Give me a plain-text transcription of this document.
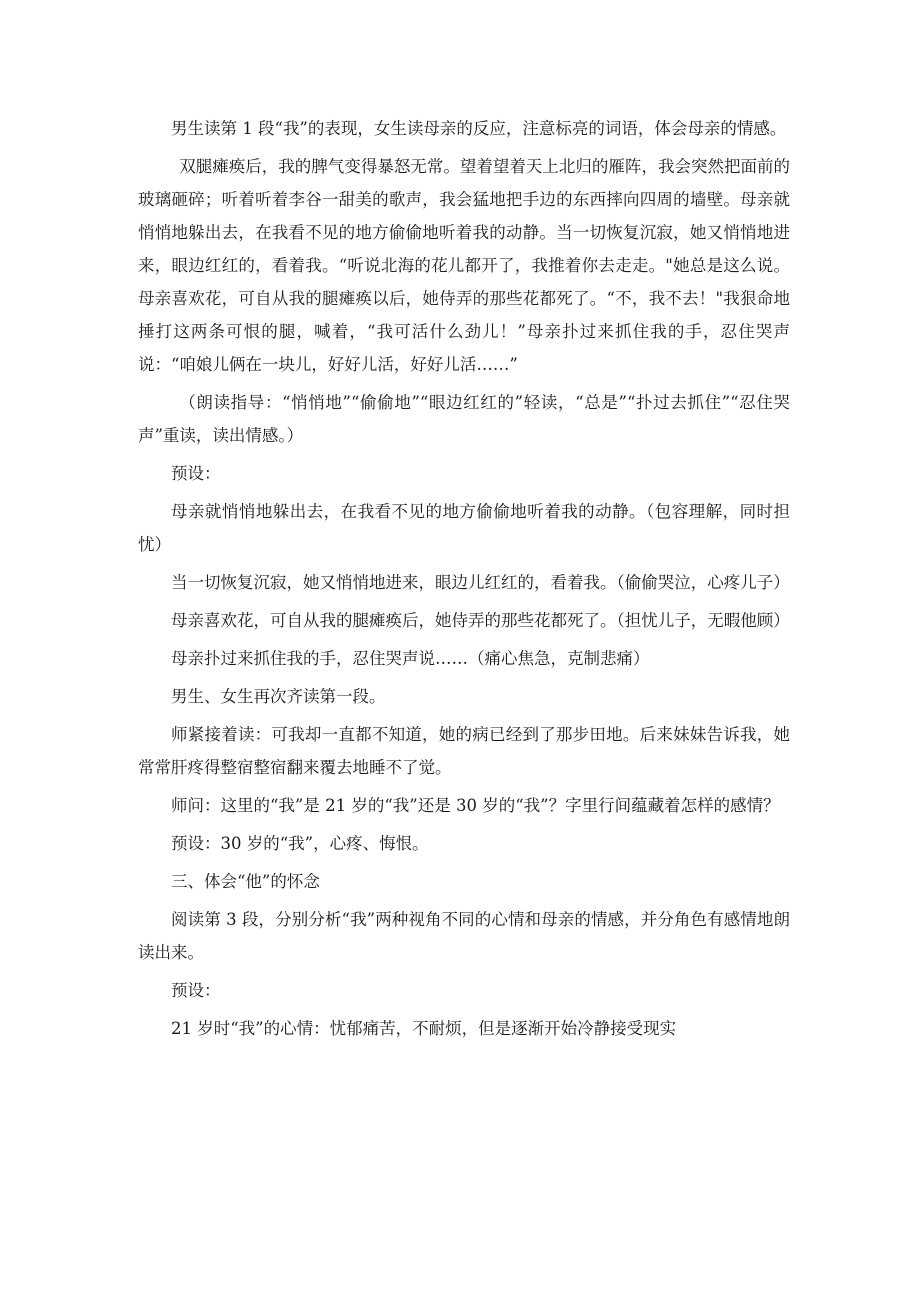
男生读第 1 段“我”的表现，女生读母亲的反应，注意标亮的词语，体会母亲的情感。

双腿瘫痪后，我的脾气变得暴怒无常。望着望着天上北归的雁阵，我会突然把面前的玻璃砸碎；听着听着李谷一甜美的歌声，我会猛地把手边的东西摔向四周的墙壁。母亲就悄悄地躲出去，在我看不见的地方偷偷地听着我的动静。当一切恢复沉寂，她又悄悄地进来，眼边红红的，看着我。“听说北海的花儿都开了，我推着你去走走。"她总是这么说。母亲喜欢花，可自从我的腿瘫痪以后，她侍弄的那些花都死了。“不，我不去！"我狠命地捶打这两条可恨的腿，喊着，“我可活什么劲儿！”母亲扑过来抓住我的手，忍住哭声说：“咱娘儿俩在一块儿，好好儿活，好好儿活……”

（朗读指导：“悄悄地”“偷偷地”“眼边红红的”轻读，“总是”“扑过去抓住”“忍住哭声”重读，读出情感。）

预设：

母亲就悄悄地躲出去，在我看不见的地方偷偷地听着我的动静。（包容理解，同时担忧）

当一切恢复沉寂，她又悄悄地进来，眼边儿红红的，看着我。（偷偷哭泣，心疼儿子）

母亲喜欢花，可自从我的腿瘫痪后，她侍弄的那些花都死了。（担忧儿子，无暇他顾）

母亲扑过来抓住我的手，忍住哭声说……（痛心焦急，克制悲痛）

男生、女生再次齐读第一段。

师紧接着读：可我却一直都不知道，她的病已经到了那步田地。后来妹妹告诉我，她常常肝疼得整宿整宿翻来覆去地睡不了觉。

师问：这里的“我”是 21 岁的“我”还是 30 岁的“我”？字里行间蕴藏着怎样的感情？

预设：30 岁的“我”，心疼、悔恨。

三、体会“他”的怀念

阅读第 3 段，分别分析“我”两种视角不同的心情和母亲的情感，并分角色有感情地朗读出来。

预设：

21 岁时“我”的心情：忧郁痛苦，不耐烦，但是逐渐开始冷静接受现实
